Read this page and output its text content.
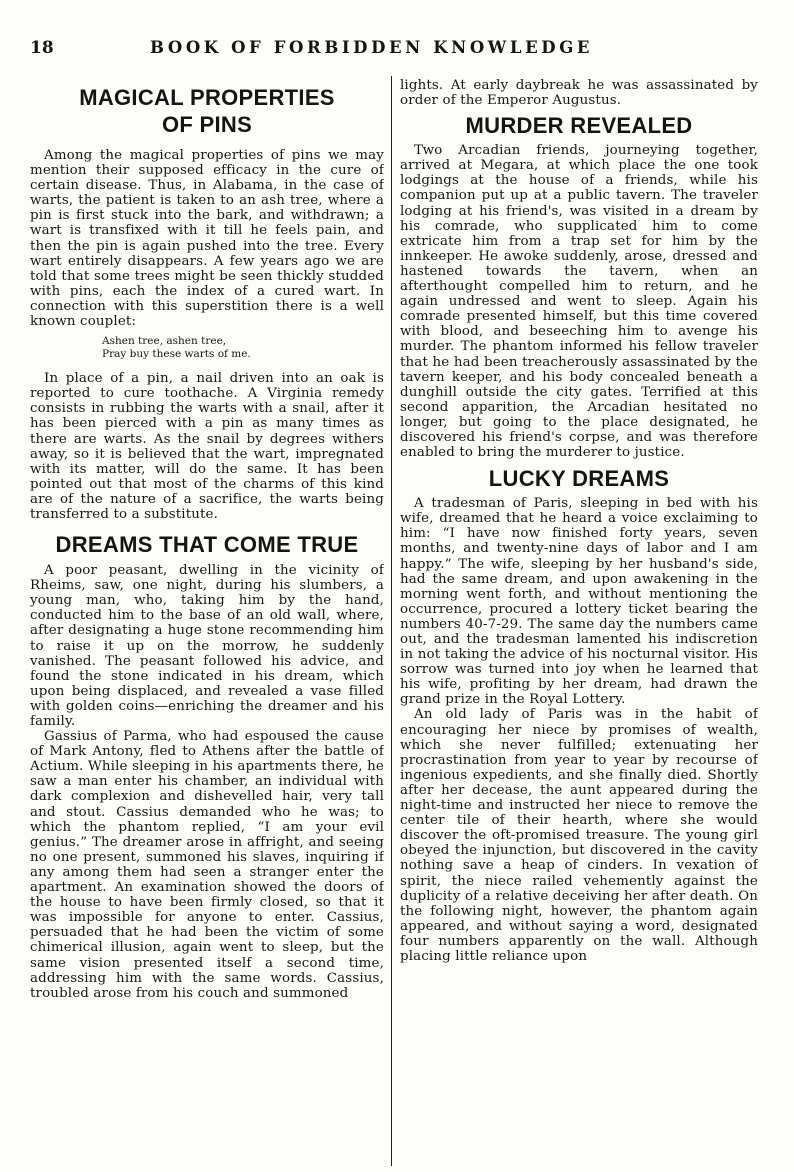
18	BOOK OF FORBIDDEN KNOWLEDGE
MAGICAL PROPERTIES
OF PINS

Among the magical properties of pins we may mention their supposed efficacy in the cure of certain disease. Thus, in Alabama, in the case of warts, the patient is taken to an ash tree, where a pin is first stuck into the bark, and withdrawn; a wart is transfixed with it till he feels pain, and then the pin is again pushed into the tree. Every wart entirely disappears. A few years ago we are told that some trees might be seen thickly studded with pins, each the index of a cured wart. In connection with this superstition there is a well known couplet:

Ashen tree, ashen tree,
Pray buy these warts of me.

In place of a pin, a nail driven into an oak is reported to cure toothache. A Virginia remedy consists in rubbing the warts with a snail, after it has been pierced with a pin as many times as there are warts. As the snail by degrees withers away, so it is believed that the wart, impregnated with its matter, will do the same. It has been pointed out that most of the charms of this kind are of the nature of a sacrifice, the warts being transferred to a substitute.

DREAMS THAT COME TRUE

A poor peasant, dwelling in the vicinity of Rheims, saw, one night, during his slumbers, a young man, who, taking him by the hand, conducted him to the base of an old wall, where, after designating a huge stone recommending him to raise it up on the morrow, he suddenly vanished. The peasant followed his advice, and found the stone indicated in his dream, which upon being displaced, and revealed a vase filled with golden coins—enriching the dreamer and his family.

Gassius of Parma, who had espoused the cause of Mark Antony, fled to Athens after the battle of Actium. While sleeping in his apartments there, he saw a man enter his chamber, an individual with dark complexion and dishevelled hair, very tall and stout. Cassius demanded who he was; to which the phantom replied, “I am your evil genius.” The dreamer arose in affright, and seeing no one present, summoned his slaves, inquiring if any among them had seen a stranger enter the apartment. An examination showed the doors of the house to have been firmly closed, so that it was impossible for anyone to enter. Cassius, persuaded that he had been the victim of some chimerical illusion, again went to sleep, but the same vision presented itself a second time, addressing him with the same words. Cassius, troubled arose from his couch and summoned

lights. At early daybreak he was assassinated by order of the Emperor Augustus.

MURDER REVEALED

Two Arcadian friends, journeying together, arrived at Megara, at which place the one took lodgings at the house of a friends, while his companion put up at a public tavern. The traveler lodging at his friend's, was visited in a dream by his comrade, who supplicated him to come extricate him from a trap set for him by the innkeeper. He awoke suddenly, arose, dressed and hastened towards the tavern, when an afterthought compelled him to return, and he again undressed and went to sleep. Again his comrade presented himself, but this time covered with blood, and beseeching him to avenge his murder. The phantom informed his fellow traveler that he had been treacherously assassinated by the tavern keeper, and his body concealed beneath a dunghill outside the city gates. Terrified at this second apparition, the Arcadian hesitated no longer, but going to the place designated, he discovered his friend's corpse, and was therefore enabled to bring the murderer to justice.

LUCKY DREAMS

A tradesman of Paris, sleeping in bed with his wife, dreamed that he heard a voice exclaiming to him: “I have now finished forty years, seven months, and twenty-nine days of labor and I am happy.” The wife, sleeping by her husband's side, had the same dream, and upon awakening in the morning went forth, and without mentioning the occurrence, procured a lottery ticket bearing the numbers 40-7-29. The same day the numbers came out, and the tradesman lamented his indiscretion in not taking the advice of his nocturnal visitor. His sorrow was turned into joy when he learned that his wife, profiting by her dream, had drawn the grand prize in the Royal Lottery.

An old lady of Paris was in the habit of encouraging her niece by promises of wealth, which she never fulfilled; extenuating her procrastination from year to year by recourse of ingenious expedients, and she finally died. Shortly after her decease, the aunt appeared during the night-time and instructed her niece to remove the center tile of their hearth, where she would discover the oft-promised treasure. The young girl obeyed the injunction, but discovered in the cavity nothing save a heap of cinders. In vexation of spirit, the niece railed vehemently against the duplicity of a relative deceiving her after death. On the following night, however, the phantom again appeared, and without saying a word, designated four numbers apparently on the wall. Although placing little reliance upon
